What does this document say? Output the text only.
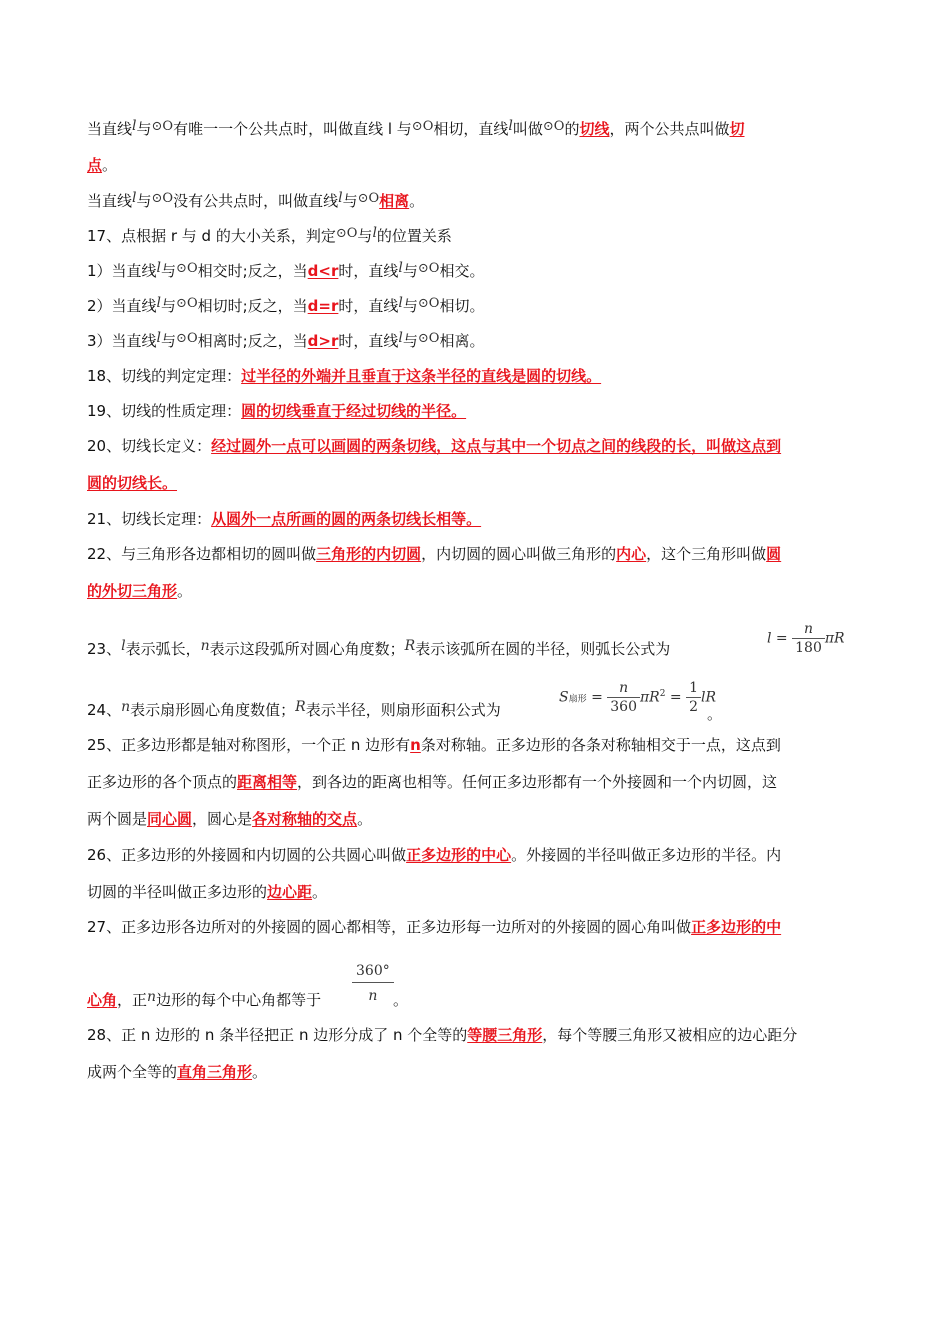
当直线l与⊙O有唯一一个公共点时，叫做直线 l 与⊙O相切，直线l叫做⊙O的切线，两个公共点叫做切
点。
当直线l与⊙O没有公共点时，叫做直线l与⊙O相离。
17、点根据 r 与 d 的大小关系，判定⊙O与l的位置关系
1）当直线l与⊙O相交时;反之，当d<r时，直线l与⊙O相交。
2）当直线l与⊙O相切时;反之，当d=r时，直线l与⊙O相切。
3）当直线l与⊙O相离时;反之，当d>r时，直线l与⊙O相离。
18、切线的判定定理：过半径的外端并且垂直于这条半径的直线是圆的切线。
19、切线的性质定理：圆的切线垂直于经过切线的半径。
20、切线长定义：经过圆外一点可以画圆的两条切线，这点与其中一个切点之间的线段的长，叫做这点到
圆的切线长。
21、切线长定理：从圆外一点所画的圆的两条切线长相等。
22、与三角形各边都相切的圆叫做三角形的内切圆，内切圆的圆心叫做三角形的内心，这个三角形叫做圆
的外切三角形。
23、l表示弧长，n表示这段弧所对圆心角度数；R表示该弧所在圆的半径，则弧长公式为
$l = \frac{n}{180}$ πR
24、n表示扇形圆心角度数值；R表示半径，则扇形面积公式为
S扇形 = $\frac{n}{360} \pi R^2 = \frac{1}{2}$ lR
。
25、正多边形都是轴对称图形，一个正 n 边形有n条对称轴。正多边形的各条对称轴相交于一点，这点到
正多边形的各个顶点的距离相等，到各边的距离也相等。任何正多边形都有一个外接圆和一个内切圆，这
两个圆是同心圆，圆心是各对称轴的交点。
26、正多边形的外接圆和内切圆的公共圆心叫做正多边形的中心。外接圆的半径叫做正多边形的半径。内
切圆的半径叫做正多边形的边心距。
27、正多边形各边所对的外接圆的圆心都相等，正多边形每一边所对的外接圆的圆心角叫做正多边形的中
心角，正n边形的每个中心角都等于	$\frac{360^\circ}{n}$ 。
28、正 n 边形的 n 条半径把正 n 边形分成了 n 个全等的等腰三角形，每个等腰三角形又被相应的边心距分
成两个全等的直角三角形。
